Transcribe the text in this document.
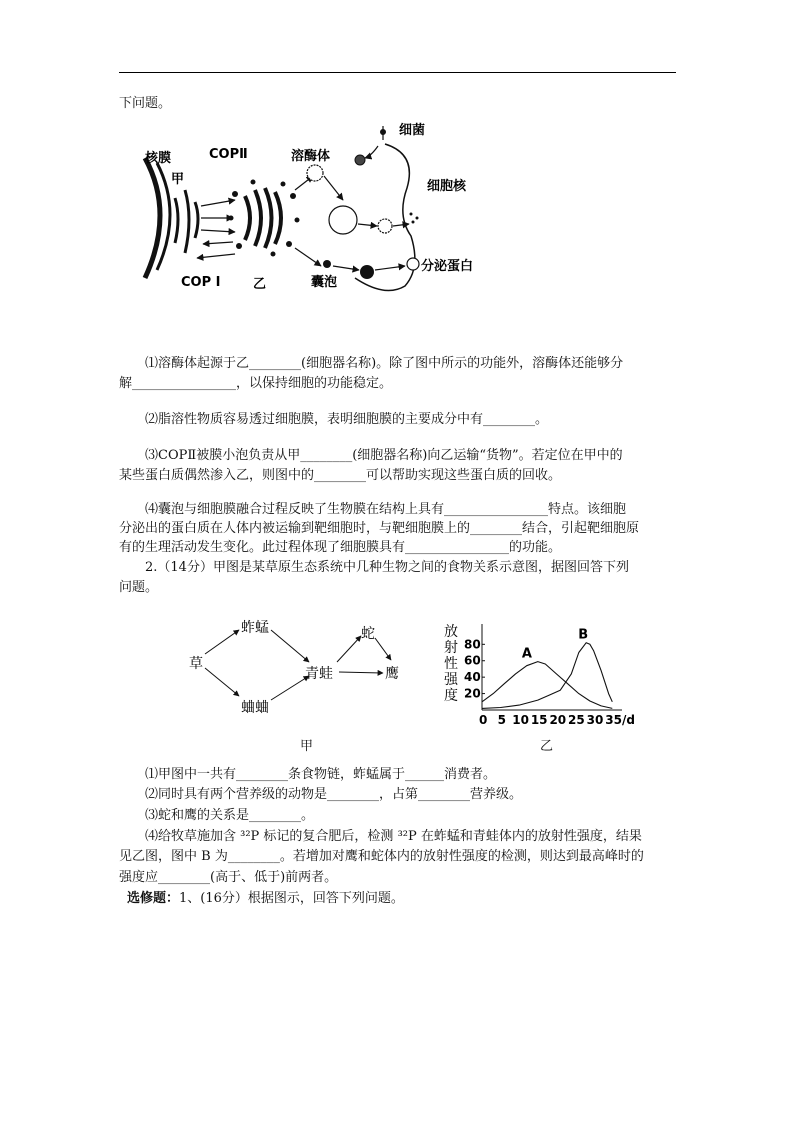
下问题。
核膜
甲
COPⅡ
COP I	乙
溶酶体
细菌
细胞核
囊泡
分泌蛋白
⑴溶酶体起源于乙________(细胞器名称)。除了图中所示的功能外，溶酶体还能够分
解________________，以保持细胞的功能稳定。
⑵脂溶性物质容易透过细胞膜，表明细胞膜的主要成分中有________。
⑶COPⅡ被膜小泡负责从甲________(细胞器名称)向乙运输“货物”。若定位在甲中的
某些蛋白质偶然渗入乙，则图中的________可以帮助实现这些蛋白质的回收。
⑷囊泡与细胞膜融合过程反映了生物膜在结构上具有________________特点。该细胞
分泌出的蛋白质在人体内被运输到靶细胞时，与靶细胞膜上的________结合，引起靶细胞原
有的生理活动发生变化。此过程体现了细胞膜具有________________的功能。
2.（14分）甲图是某草原生态系统中几种生物之间的食物关系示意图，据图回答下列
问题。
草
蚱蜢
蛐蛐
青蛙
蛇
鹰
甲
放
射
性
强
度
0 5 10 15 20 25 30 35/d
20
40
60
80
A
B
乙
⑴甲图中一共有________条食物链，蚱蜢属于______消费者。
⑵同时具有两个营养级的动物是________，占第________营养级。
⑶蛇和鹰的关系是________。
⑷给牧草施加含 ³²P 标记的复合肥后，检测 ³²P 在蚱蜢和青蛙体内的放射性强度，结果
见乙图，图中 B 为________。若增加对鹰和蛇体内的放射性强度的检测，则达到最高峰时的
强度应________(高于、低于)前两者。
选修题：1、(16分）根据图示，回答下列问题。
